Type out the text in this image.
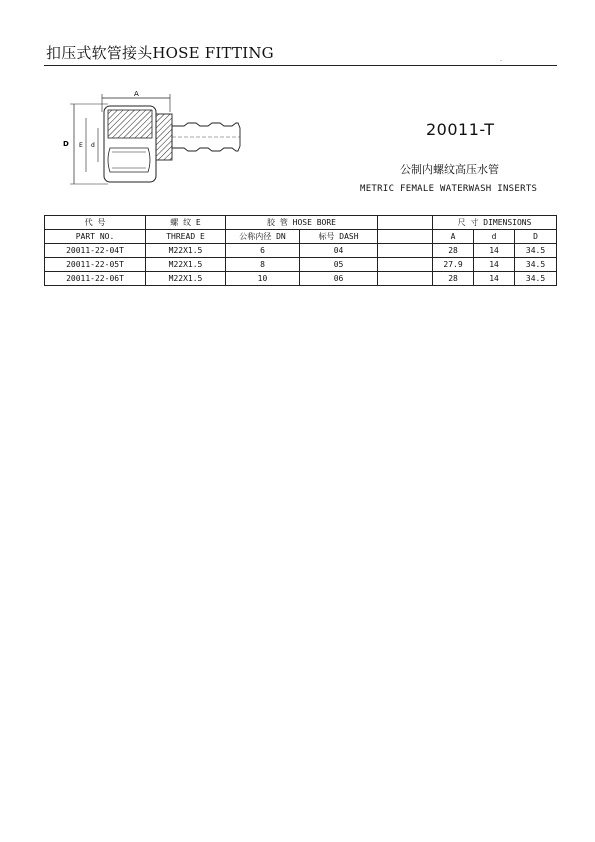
扣压式软管接头HOSE FITTING	-
A
D E d
20011-T
公制内螺纹高压水管
METRIC FEMALE WATERWASH INSERTS
代 号	螺 纹 E	胶 管 HOSE BORE			尺 寸 DIMENSIONS		
PART NO.	THREAD E	公称内径 DN	标号 DASH		A	d	D
20011-22-04T	M22X1.5	6	04		28	14	34.5
20011-22-05T	M22X1.5	8	05		27.9	14	34.5
20011-22-06T	M22X1.5	10	06		28	14	34.5
